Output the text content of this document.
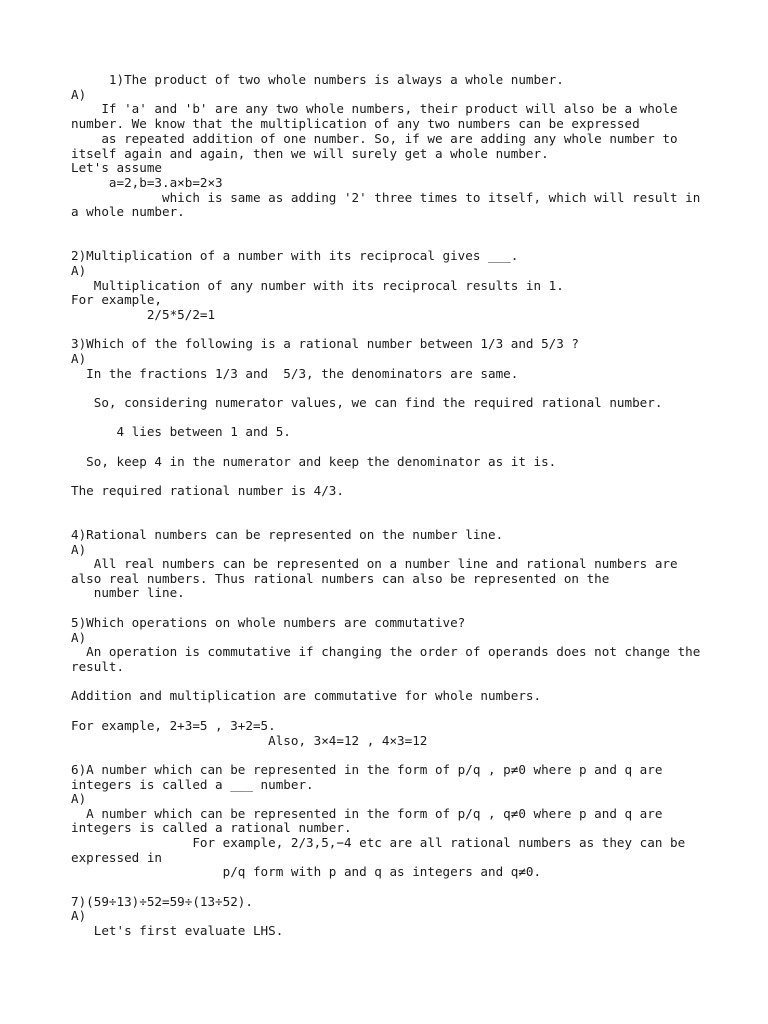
1)The product of two whole numbers is always a whole number.

A)

If 'a' and 'b' are any two whole numbers, their product will also be a whole

number. We know that the multiplication of any two numbers can be expressed

as repeated addition of one number. So, if we are adding any whole number to

itself again and again, then we will surely get a whole number.

Let's assume

a=2,b=3.a×b=2×3

which is same as adding '2' three times to itself, which will result in

a whole number.

2)Multiplication of a number with its reciprocal gives ___.

A)

Multiplication of any number with its reciprocal results in 1.

For example,

2/5*5/2=1

3)Which of the following is a rational number between 1/3 and 5/3 ?

A)

In the fractions 1/3 and  5/3, the denominators are same.

So, considering numerator values, we can find the required rational number.

4 lies between 1 and 5.

So, keep 4 in the numerator and keep the denominator as it is.

The required rational number is 4/3.

4)Rational numbers can be represented on the number line.

A)

All real numbers can be represented on a number line and rational numbers are

also real numbers. Thus rational numbers can also be represented on the

number line.

5)Which operations on whole numbers are commutative?

A)

An operation is commutative if changing the order of operands does not change the

result.

Addition and multiplication are commutative for whole numbers.

For example, 2+3=5 , 3+2=5.

Also, 3×4=12 , 4×3=12

6)A number which can be represented in the form of p/q , p≠0 where p and q are

integers is called a ___ number.

A)

A number which can be represented in the form of p/q , q≠0 where p and q are

integers is called a rational number.

For example, 2/3,5,−4 etc are all rational numbers as they can be

expressed in

p/q form with p and q as integers and q≠0.

7)(59÷13)÷52=59÷(13÷52).

A)

Let's first evaluate LHS.
